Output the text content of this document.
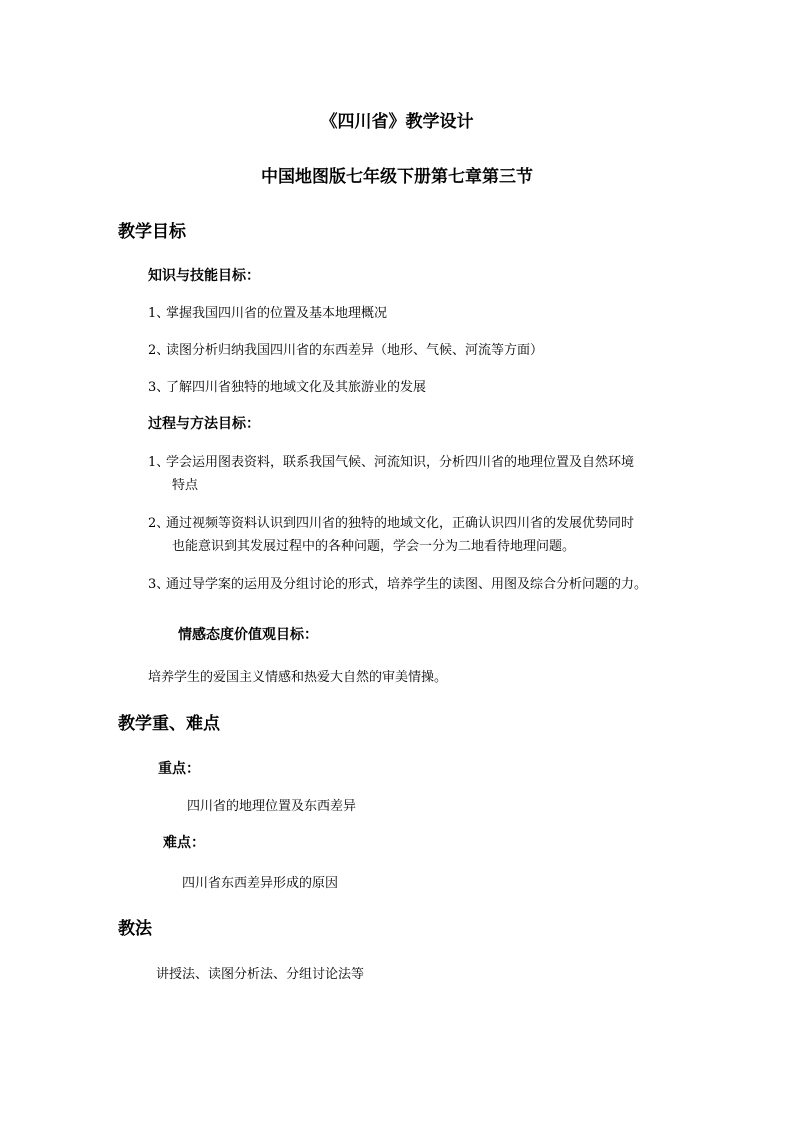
《四川省》教学设计
中国地图版七年级下册第七章第三节
教学目标
知识与技能目标：
1、掌握我国四川省的位置及基本地理概况
2、读图分析归纳我国四川省的东西差异（地形、气候、河流等方面）
3、了解四川省独特的地域文化及其旅游业的发展
过程与方法目标：
1、学会运用图表资料，联系我国气候、河流知识，分析四川省的地理位置及自然环境
特点
2、通过视频等资料认识到四川省的独特的地域文化，正确认识四川省的发展优势同时
也能意识到其发展过程中的各种问题，学会一分为二地看待地理问题。
3、通过导学案的运用及分组讨论的形式，培养学生的读图、用图及综合分析问题的力。
情感态度价值观目标：
培养学生的爱国主义情感和热爱大自然的审美情操。
教学重、难点
重点：
四川省的地理位置及东西差异
难点：
四川省东西差异形成的原因
教法
讲授法、读图分析法、分组讨论法等
